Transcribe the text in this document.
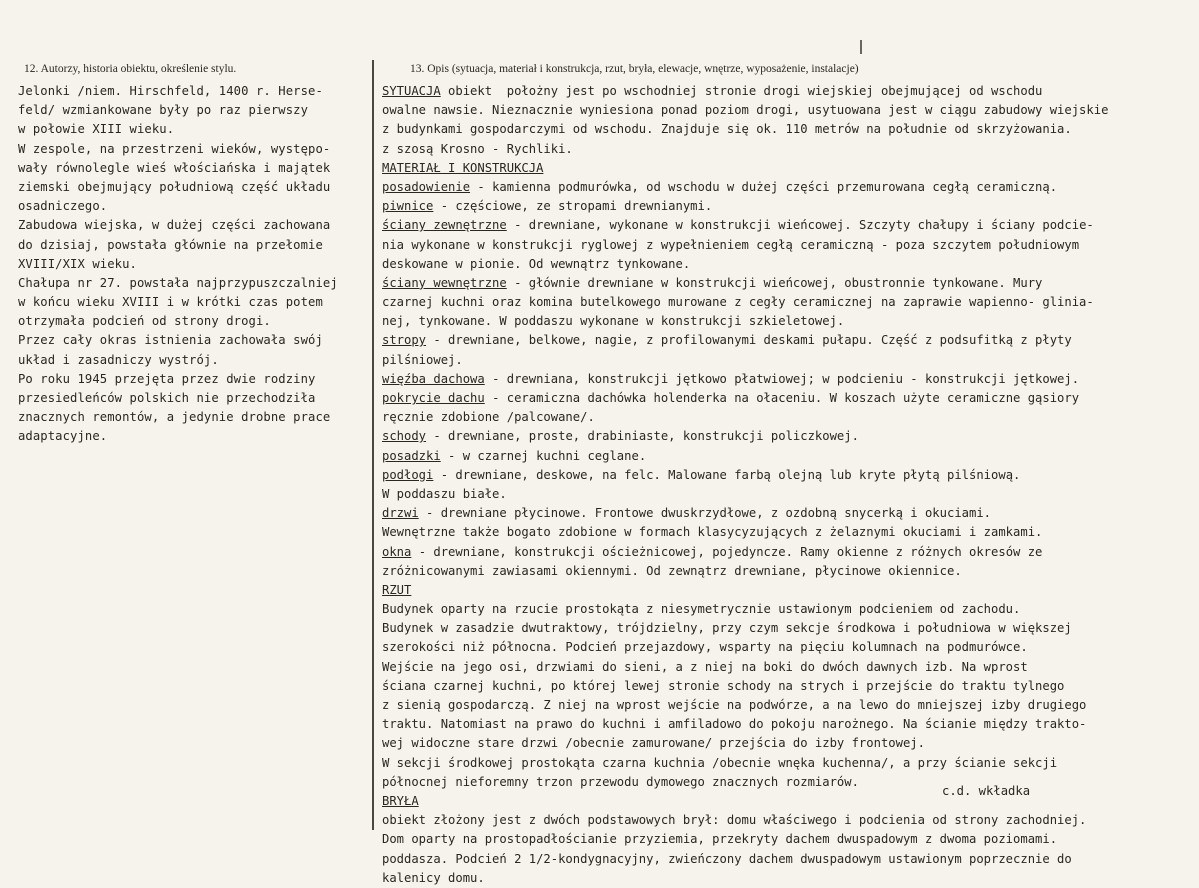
12. Autorzy, historia obiektu, określenie stylu.
Jelonki /niem. Hirschfeld, 1400 r. Herse-
feld/ wzmiankowane były po raz pierwszy
w połowie XIII wieku.
W zespole, na przestrzeni wieków, występo-
wały równolegle wieś włościańska i majątek
ziemski obejmujący południową część układu
osadniczego.
Zabudowa wiejska, w dużej części zachowana
do dzisiaj, powstała głównie na przełomie
XVIII/XIX wieku.
Chałupa nr 27. powstała najprzypuszczalniej
w końcu wieku XVIII i w krótki czas potem
otrzymała podcień od strony drogi.
Przez cały okras istnienia zachowała swój
układ i zasadniczy wystrój.
Po roku 1945 przejęta przez dwie rodziny
przesiedleńców polskich nie przechodziła
znacznych remontów, a jedynie drobne prace
adaptacyjne.
13. Opis (sytuacja, materiał i konstrukcja, rzut, bryła, elewacje, wnętrze, wyposażenie, instalacje)
SYTUACJA obiekt  położny jest po wschodniej stronie drogi wiejskiej obejmującej od wschodu
owalne nawsie. Nieznacznie wyniesiona ponad poziom drogi, usytuowana jest w ciągu zabudowy wiejskie
z budynkami gospodarczymi od wschodu. Znajduje się ok. 110 metrów na południe od skrzyżowania.
z szosą Krosno - Rychliki.
MATERIAŁ I KONSTRUKCJA
posadowienie - kamienna podmurówka, od wschodu w dużej części przemurowana cegłą ceramiczną.
piwnice - częściowe, ze stropami drewnianymi.
ściany zewnętrzne - drewniane, wykonane w konstrukcji wieńcowej. Szczyty chałupy i ściany podcie-
nia wykonane w konstrukcji ryglowej z wypełnieniem cegłą ceramiczną - poza szczytem południowym
deskowane w pionie. Od wewnątrz tynkowane.
ściany wewnętrzne - głównie drewniane w konstrukcji wieńcowej, obustronnie tynkowane. Mury
czarnej kuchni oraz komina butelkowego murowane z cegły ceramicznej na zaprawie wapienno- glinia-
nej, tynkowane. W poddaszu wykonane w konstrukcji szkieletowej.
stropy - drewniane, belkowe, nagie, z profilowanymi deskami pułapu. Część z podsufitką z płyty
pilśniowej.
więźba dachowa - drewniana, konstrukcji jętkowo płatwiowej; w podcieniu - konstrukcji jętkowej.
pokrycie dachu - ceramiczna dachówka holenderka na ołaceniu. W koszach użyte ceramiczne gąsiory
ręcznie zdobione /palcowane/.
schody - drewniane, proste, drabiniaste, konstrukcji policzkowej.
posadzki - w czarnej kuchni ceglane.
podłogi - drewniane, deskowe, na felc. Malowane farbą olejną lub kryte płytą pilśniową.
W poddaszu białe.
drzwi - drewniane płycinowe. Frontowe dwuskrzydłowe, z ozdobną snycerką i okuciami.
Wewnętrzne także bogato zdobione w formach klasycyzujących z żelaznymi okuciami i zamkami.
okna - drewniane, konstrukcji ościeżnicowej, pojedyncze. Ramy okienne z różnych okresów ze
zróżnicowanymi zawiasami okiennymi. Od zewnątrz drewniane, płycinowe okiennice.
RZUT
Budynek oparty na rzucie prostokąta z niesymetrycznie ustawionym podcieniem od zachodu.
Budynek w zasadzie dwutraktowy, trójdzielny, przy czym sekcje środkowa i południowa w większej
szerokości niż północna. Podcień przejazdowy, wsparty na pięciu kolumnach na podmurówce.
Wejście na jego osi, drzwiami do sieni, a z niej na boki do dwóch dawnych izb. Na wprost
ściana czarnej kuchni, po której lewej stronie schody na strych i przejście do traktu tylnego
z sienią gospodarczą. Z niej na wprost wejście na podwórze, a na lewo do mniejszej izby drugiego
traktu. Natomiast na prawo do kuchni i amfiladowo do pokoju narożnego. Na ścianie między trakto-
wej widoczne stare drzwi /obecnie zamurowane/ przejścia do izby frontowej.
W sekcji środkowej prostokąta czarna kuchnia /obecnie wnęka kuchenna/, a przy ścianie sekcji
północnej nieforemny trzon przewodu dymowego znacznych rozmiarów.
BRYŁA
obiekt złożony jest z dwóch podstawowych brył: domu właściwego i podcienia od strony zachodniej.
Dom oparty na prostopadłościanie przyziemia, przekryty dachem dwuspadowym z dwoma poziomami.
poddasza. Podcień 2 1/2-kondygnacyjny, zwieńczony dachem dwuspadowym ustawionym poprzecznie do
kalenicy domu.
c.d. wkładka
